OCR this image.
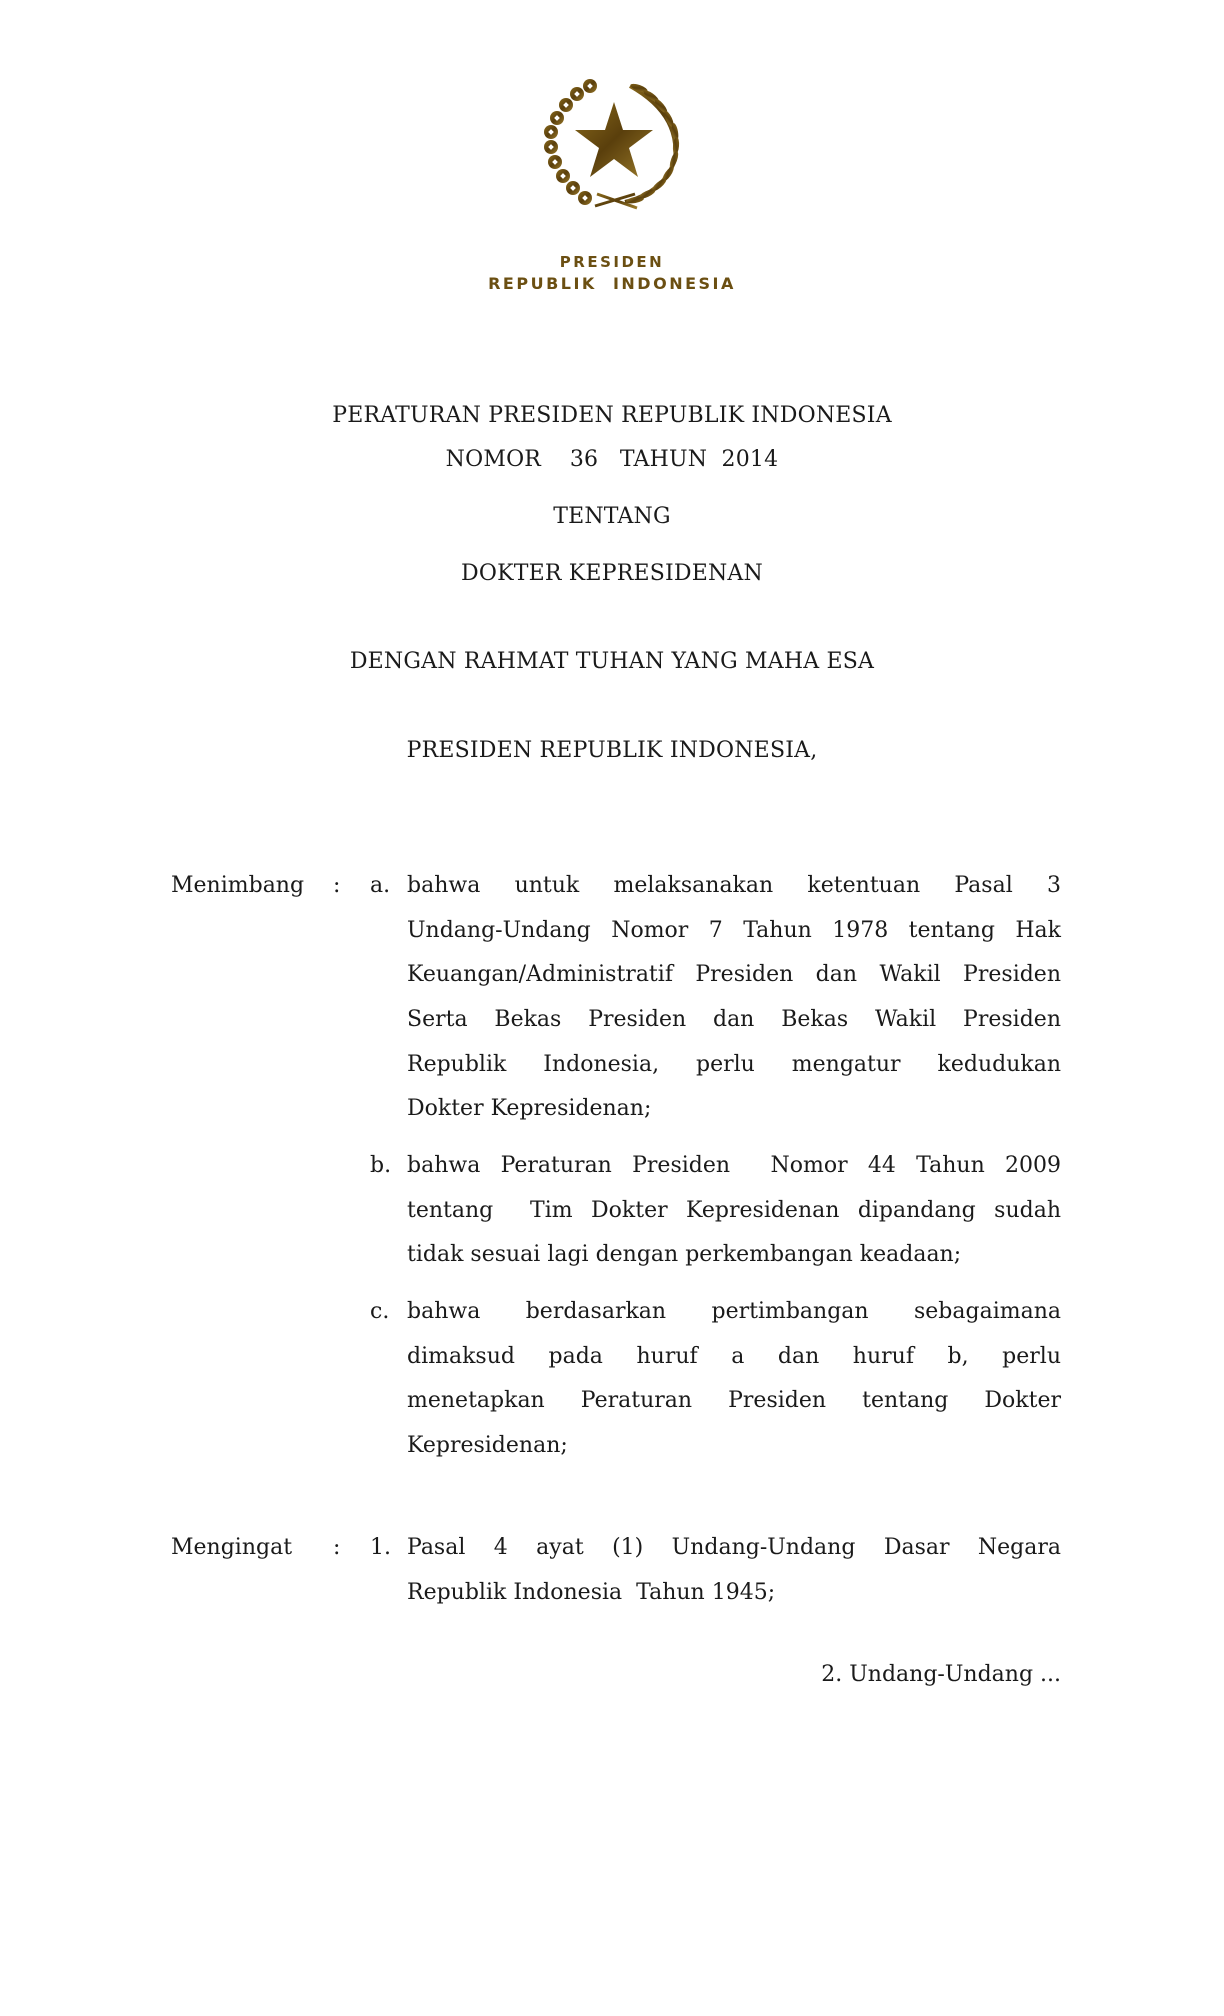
PRESIDEN
REPUBLIK  INDONESIA
PERATURAN PRESIDEN REPUBLIK INDONESIA
NOMOR    36   TAHUN  2014
TENTANG
DOKTER KEPRESIDENAN
DENGAN RAHMAT TUHAN YANG MAHA ESA
PRESIDEN REPUBLIK INDONESIA,
Menimbang : a. bahwa untuk melaksanakan ketentuan Pasal 3
Undang-Undang Nomor 7 Tahun 1978 tentang Hak
Keuangan/Administratif Presiden dan Wakil Presiden
Serta Bekas Presiden dan Bekas Wakil Presiden
Republik Indonesia, perlu mengatur kedudukan
Dokter Kepresidenan;
b. bahwa Peraturan Presiden  Nomor 44 Tahun 2009
tentang  Tim Dokter Kepresidenan dipandang sudah
tidak sesuai lagi dengan perkembangan keadaan;
c. bahwa berdasarkan pertimbangan sebagaimana
dimaksud pada huruf a dan huruf b, perlu
menetapkan Peraturan Presiden tentang Dokter
Kepresidenan;
Mengingat : 1. Pasal 4 ayat (1) Undang-Undang Dasar Negara
Republik Indonesia  Tahun 1945;
2. Undang-Undang ...
